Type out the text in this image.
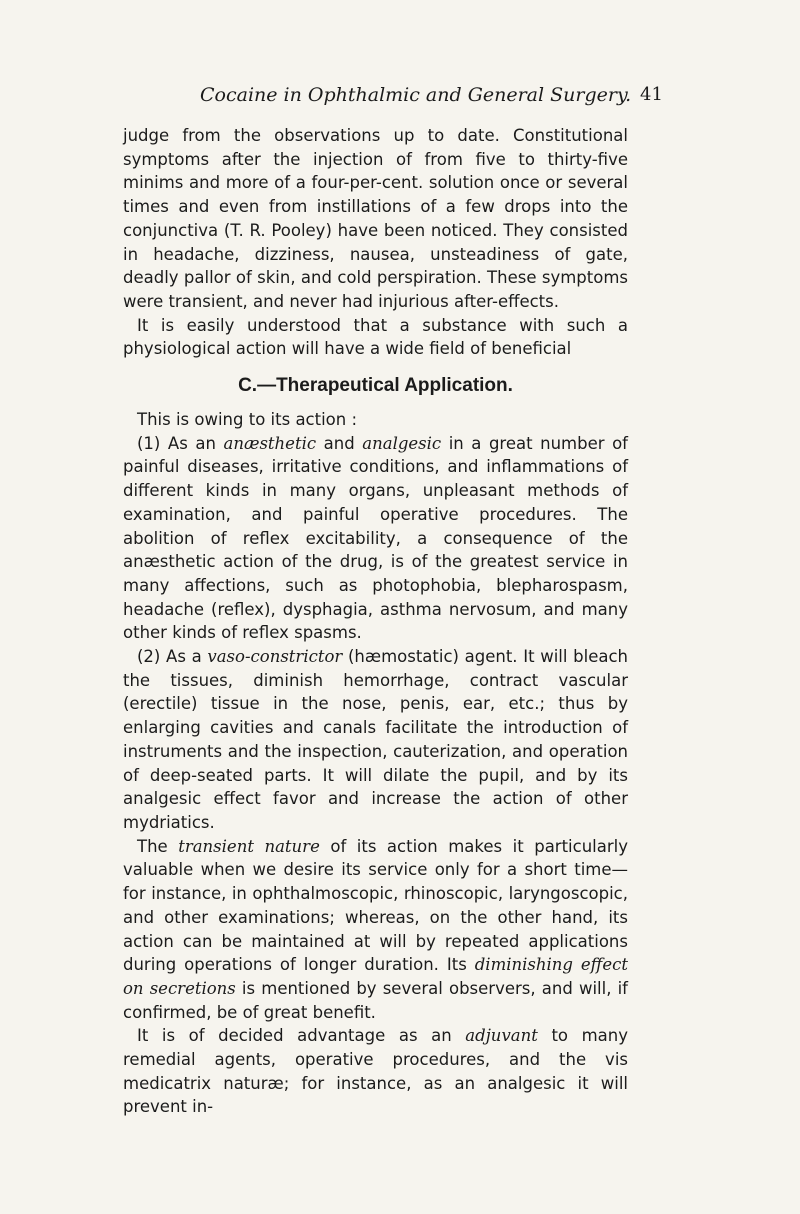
Cocaine in Ophthalmic and General Surgery. 41

judge from the observations up to date. Constitutional symptoms after the injection of from five to thirty-five minims and more of a four-per-cent. solution once or several times and even from instillations of a few drops into the conjunctiva (T. R. Pooley) have been noticed. They consisted in headache, dizziness, nausea, unsteadiness of gate, deadly pallor of skin, and cold perspiration. These symptoms were transient, and never had injurious after-effects.

It is easily understood that a substance with such a physiological action will have a wide field of beneficial

C.—Therapeutical Application.

This is owing to its action :

(1) As an anæsthetic and analgesic in a great number of painful diseases, irritative conditions, and inflammations of different kinds in many organs, unpleasant methods of examination, and painful operative procedures. The abolition of reflex excitability, a consequence of the anæsthetic action of the drug, is of the greatest service in many affections, such as photophobia, blepharospasm, headache (reflex), dysphagia, asthma nervosum, and many other kinds of reflex spasms.

(2) As a vaso-constrictor (hæmostatic) agent. It will bleach the tissues, diminish hemorrhage, contract vascular (erectile) tissue in the nose, penis, ear, etc.; thus by enlarging cavities and canals facilitate the introduction of instruments and the inspection, cauterization, and operation of deep-seated parts. It will dilate the pupil, and by its analgesic effect favor and increase the action of other mydriatics.

The transient nature of its action makes it particularly valuable when we desire its service only for a short time—for instance, in ophthalmoscopic, rhinoscopic, laryngoscopic, and other examinations; whereas, on the other hand, its action can be maintained at will by repeated applications during operations of longer duration. Its diminishing effect on secretions is mentioned by several observers, and will, if confirmed, be of great benefit.

It is of decided advantage as an adjuvant to many remedial agents, operative procedures, and the vis medicatrix naturæ; for instance, as an analgesic it will prevent in-
